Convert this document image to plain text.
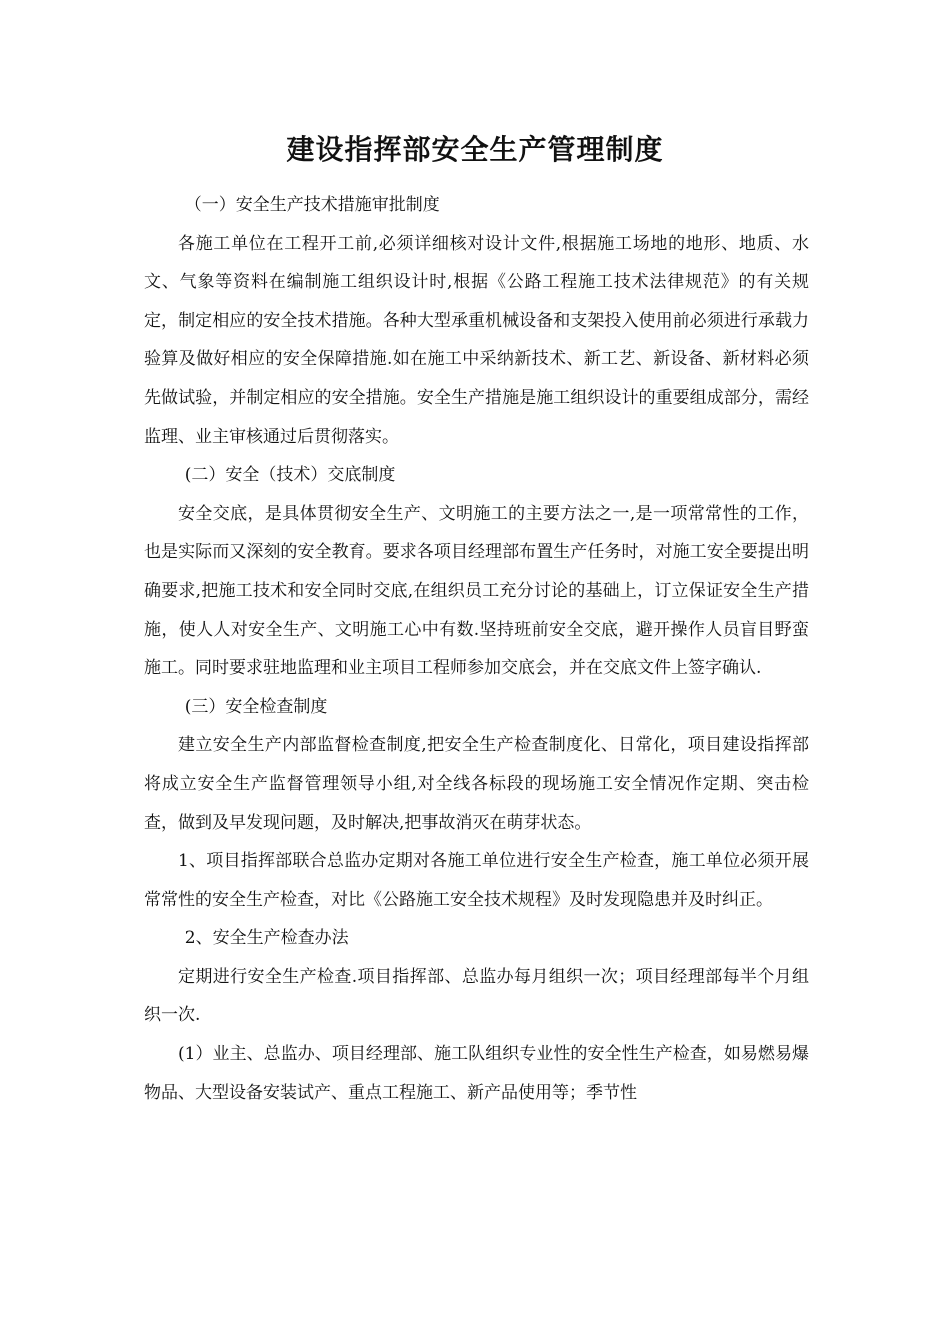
建设指挥部安全生产管理制度

（一）安全生产技术措施审批制度

各施工单位在工程开工前,必须详细核对设计文件,根据施工场地的地形、地质、水文、气象等资料在编制施工组织设计时,根据《公路工程施工技术法律规范》的有关规定，制定相应的安全技术措施。各种大型承重机械设备和支架投入使用前必须进行承载力验算及做好相应的安全保障措施.如在施工中采纳新技术、新工艺、新设备、新材料必须先做试验，并制定相应的安全措施。安全生产措施是施工组织设计的重要组成部分，需经监理、业主审核通过后贯彻落实。

(二）安全（技术）交底制度

安全交底，是具体贯彻安全生产、文明施工的主要方法之一,是一项常常性的工作，也是实际而又深刻的安全教育。要求各项目经理部布置生产任务时，对施工安全要提出明确要求,把施工技术和安全同时交底,在组织员工充分讨论的基础上，订立保证安全生产措施，使人人对安全生产、文明施工心中有数.坚持班前安全交底，避开操作人员盲目野蛮施工。同时要求驻地监理和业主项目工程师参加交底会，并在交底文件上签字确认.

(三）安全检查制度

建立安全生产内部监督检查制度,把安全生产检查制度化、日常化，项目建设指挥部将成立安全生产监督管理领导小组,对全线各标段的现场施工安全情况作定期、突击检查，做到及早发现问题，及时解决,把事故消灭在萌芽状态。

1、项目指挥部联合总监办定期对各施工单位进行安全生产检查，施工单位必须开展常常性的安全生产检查，对比《公路施工安全技术规程》及时发现隐患并及时纠正。

2、安全生产检查办法

定期进行安全生产检查.项目指挥部、总监办每月组织一次；项目经理部每半个月组织一次.

(1）业主、总监办、项目经理部、施工队组织专业性的安全性生产检查，如易燃易爆物品、大型设备安装试产、重点工程施工、新产品使用等；季节性
